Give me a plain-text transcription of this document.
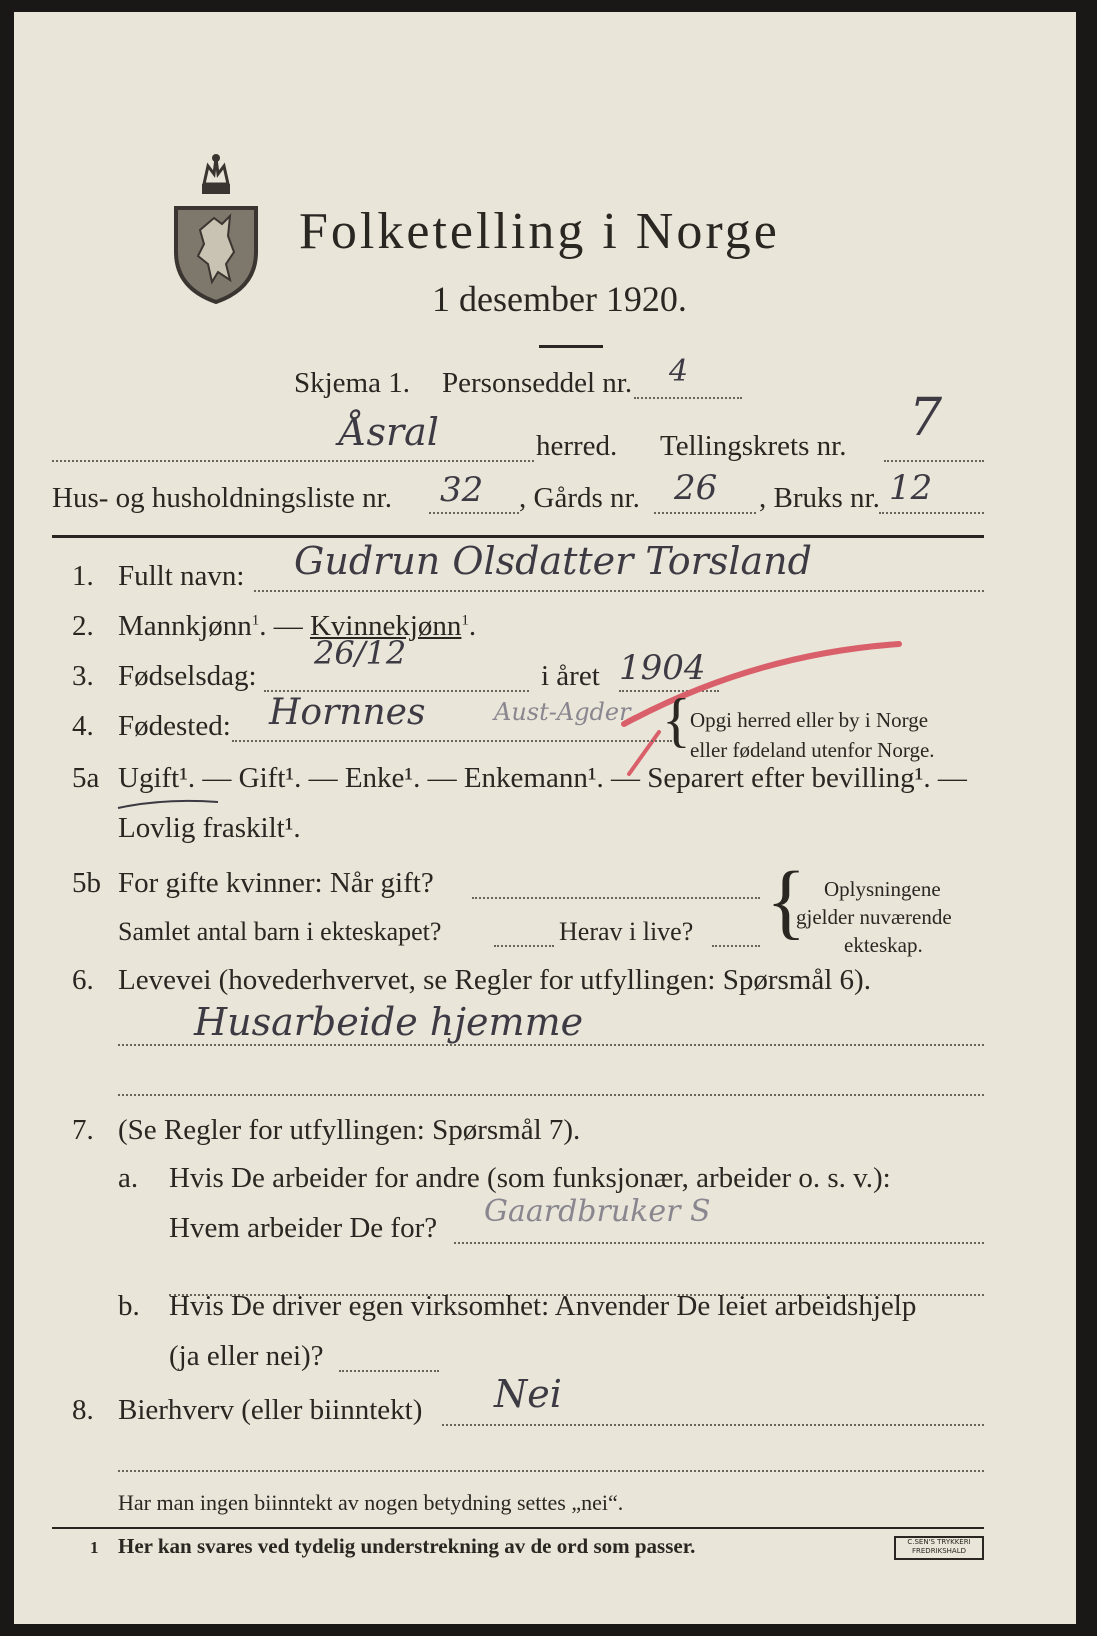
Folketelling i Norge
1 desember 1920.
Skjema 1. Personseddel nr. 4
Åsral	herred. Tellingskrets nr. 7
Hus- og husholdningsliste nr. 32 , Gårds nr. 26 , Bruks nr. 12
1. Fullt navn: Gudrun Olsdatter Torsland
2. Mannkjønn$^1$. — Kvinnekjønn$^1$.
3. Fødselsdag:
26/12
i året 1904
4. Fødested: Hornnes	Aust-Agder { Opgi herred eller by i Norge
eller fødeland utenfor Norge.
5a Ugift¹. — Gift¹. — Enke¹. — Enkemann¹. — Separert efter bevilling¹. —
Lovlig fraskilt¹.
5b For gifte kvinner: Når gift?
Samlet antal barn i ekteskapet?	Herav i live? { Oplysningene
gjelder nuværende
ekteskap.
6. Levevei (hovederhvervet, se Regler for utfyllingen: Spørsmål 6).
Husarbeide hjemme
7. (Se Regler for utfyllingen: Spørsmål 7).
a. Hvis De arbeider for andre (som funksjonær, arbeider o. s. v.):
Hvem arbeider De for? Gaardbruker S
b. Hvis De driver egen virksomhet: Anvender De leiet arbeidshjelp
(ja eller nei)?
8. Bierhverv (eller biinntekt) Nei
Har man ingen biinntekt av nogen betydning settes „nei“.
1 Her kan svares ved tydelig understrekning av de ord som passer.	C.SEN'S TRYKKERI FREDRIKSHALD
